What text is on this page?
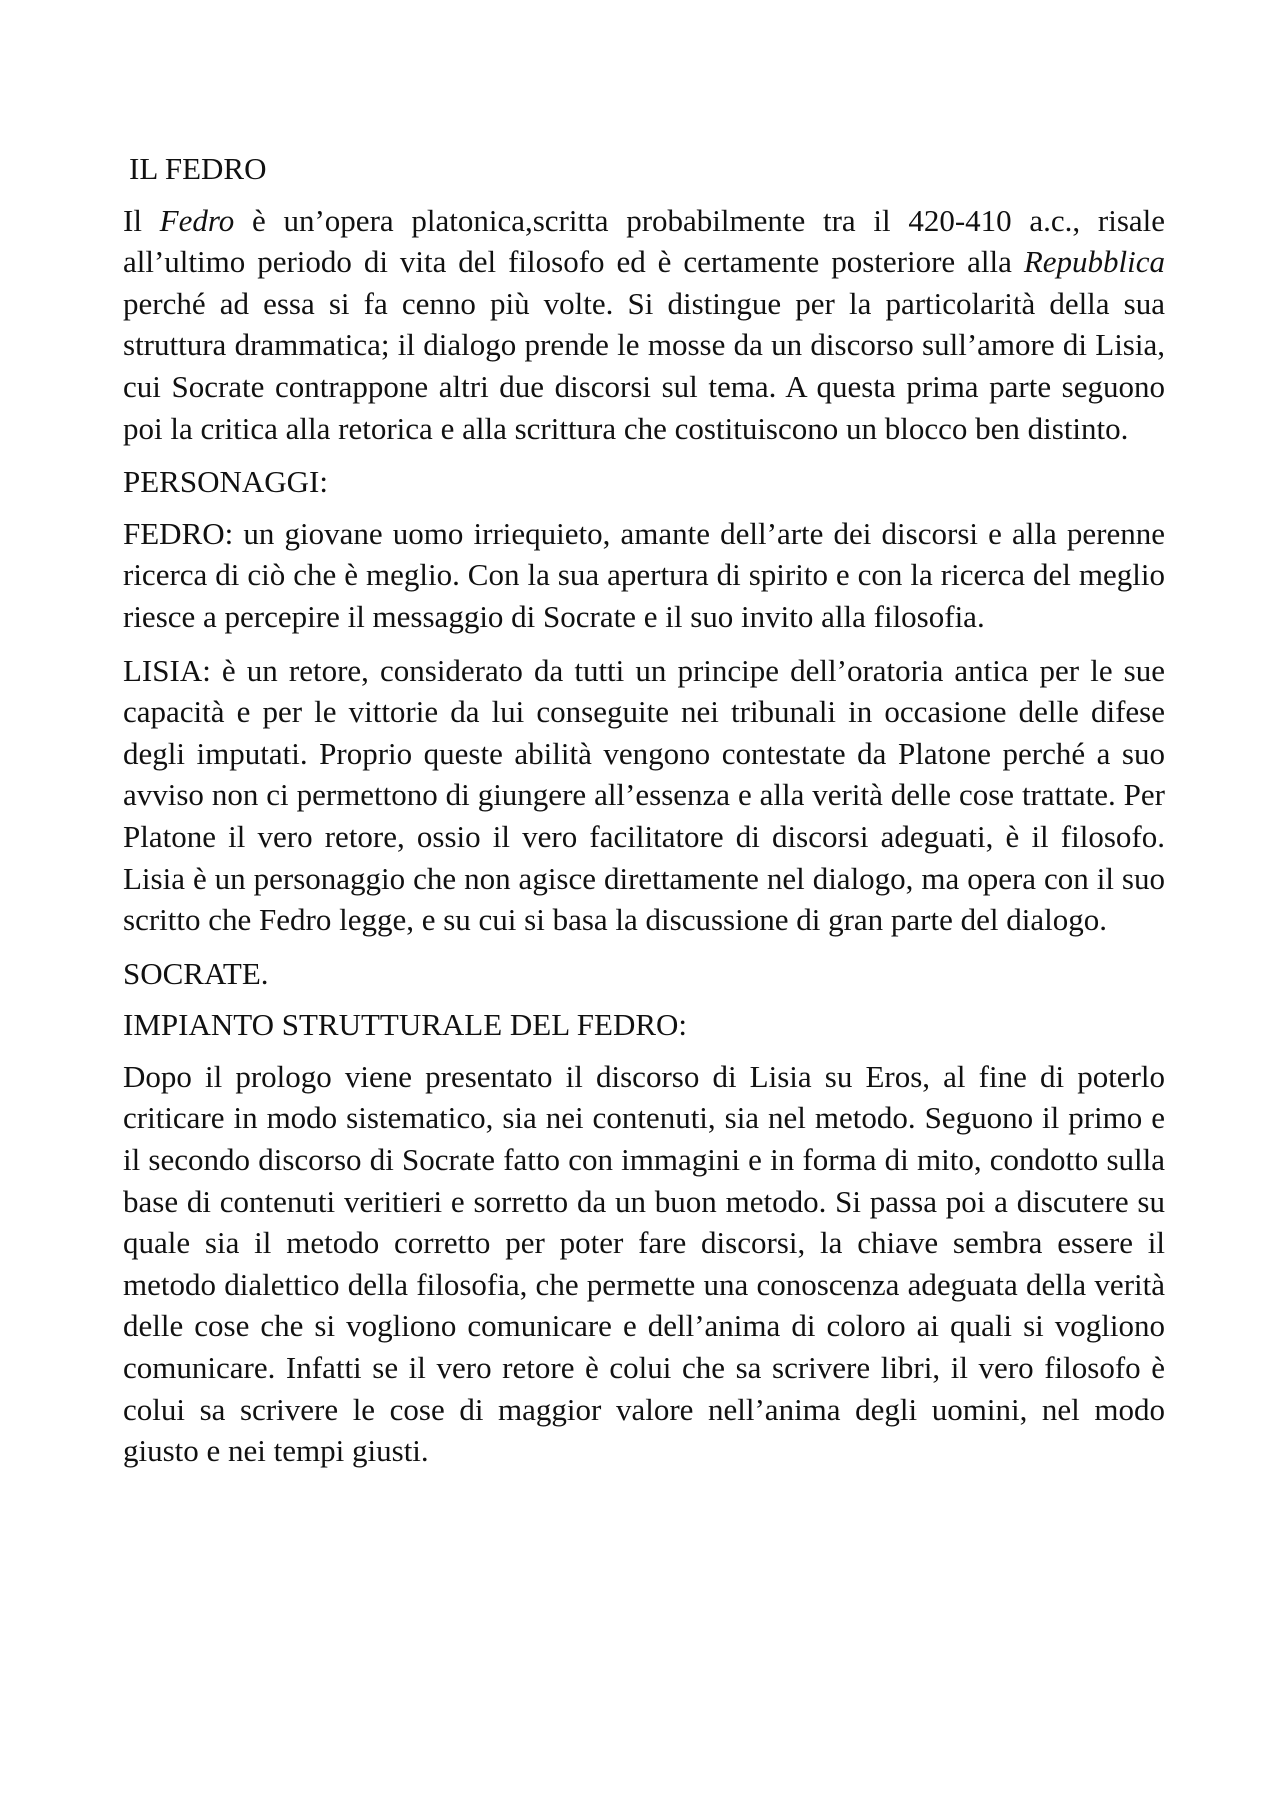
IL FEDRO

Il Fedro è un’opera platonica,scritta probabilmente tra il 420-410 a.c., risale all’ultimo periodo di vita del filosofo ed è certamente posteriore alla Repubblica perché ad essa si fa cenno più volte. Si distingue per la particolarità della sua struttura drammatica; il dialogo prende le mosse da un discorso sull’amore di Lisia, cui Socrate contrappone altri due discorsi sul tema. A questa prima parte seguono poi la critica alla retorica e alla scrittura che costituiscono un blocco ben distinto.

PERSONAGGI:

FEDRO: un giovane uomo irriequieto, amante dell’arte dei discorsi e alla perenne ricerca di ciò che è meglio. Con la sua apertura di spirito e con la ricerca del meglio riesce a percepire il messaggio di Socrate e il suo invito alla filosofia.

LISIA: è un retore, considerato da tutti un principe dell’oratoria antica per le sue capacità e per le vittorie da lui conseguite nei tribunali in occasione delle difese degli imputati. Proprio queste abilità vengono contestate da Platone perché a suo avviso non ci permettono di giungere all’essenza e alla verità delle cose trattate. Per Platone il vero retore, ossio il vero facilitatore di discorsi adeguati, è il filosofo. Lisia è un personaggio che non agisce direttamente nel dialogo, ma opera con il suo scritto che Fedro legge, e su cui si basa la discussione di gran parte del dialogo.

SOCRATE.
IMPIANTO STRUTTURALE DEL FEDRO:

Dopo il prologo viene presentato il discorso di Lisia su Eros, al fine di poterlo criticare in modo sistematico, sia nei contenuti, sia nel metodo. Seguono il primo e il secondo discorso di Socrate fatto con immagini e in forma di mito, condotto sulla base di contenuti veritieri e sorretto da un buon metodo. Si passa poi a discutere su quale sia il metodo corretto per poter fare discorsi, la chiave sembra essere il metodo dialettico della filosofia, che permette una conoscenza adeguata della verità delle cose che si vogliono comunicare e dell’anima di coloro ai quali si vogliono comunicare. Infatti se il vero retore è colui che sa scrivere libri, il vero filosofo è colui sa scrivere le cose di maggior valore nell’anima degli uomini, nel modo giusto e nei tempi giusti.
